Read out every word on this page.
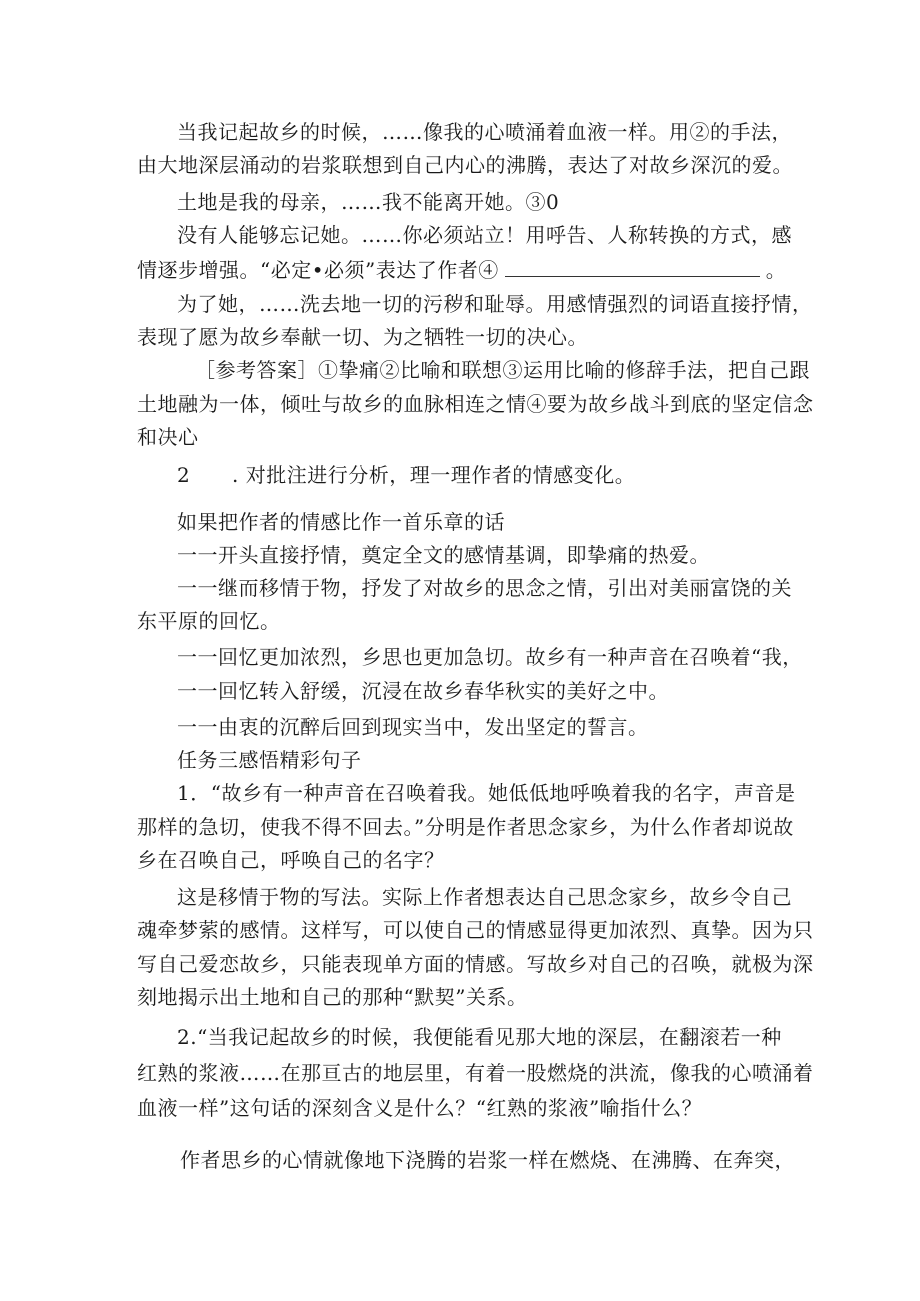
当我记起故乡的时候，……像我的心喷涌着血液一样。用②的手法，
由大地深层涌动的岩浆联想到自己内心的沸腾，表达了对故乡深沉的爱。
土地是我的母亲，……我不能离开她。③0
没有人能够忘记她。……你必须站立！用呼告、人称转换的方式，感
情逐步增强。“必定•必须”表达了作者④	。
为了她，……洗去地一切的污秽和耻辱。用感情强烈的词语直接抒情，
表现了愿为故乡奉献一切、为之牺牲一切的决心。
［参考答案］①挚痛②比喻和联想③运用比喻的修辞手法，把自己跟
土地融为一体，倾吐与故乡的血脉相连之情④要为故乡战斗到底的坚定信念
和决心
2 . 对批注进行分析，理一理作者的情感变化。
如果把作者的情感比作一首乐章的话
一一开头直接抒情，奠定全文的感情基调，即挚痛的热爱。
一一继而移情于物，抒发了对故乡的思念之情，引出对美丽富饶的关
东平原的回忆。
一一回忆更加浓烈，乡思也更加急切。故乡有一种声音在召唤着“我，
一一回忆转入舒缓，沉浸在故乡春华秋实的美好之中。
一一由衷的沉醉后回到现实当中，发出坚定的誓言。
任务三感悟精彩句子
1．“故乡有一种声音在召唤着我。她低低地呼唤着我的名字，声音是
那样的急切，使我不得不回去。”分明是作者思念家乡，为什么作者却说故
乡在召唤自己，呼唤自己的名字？
这是移情于物的写法。实际上作者想表达自己思念家乡，故乡令自己
魂牵梦萦的感情。这样写，可以使自己的情感显得更加浓烈、真挚。因为只
写自己爱恋故乡，只能表现单方面的情感。写故乡对自己的召唤，就极为深
刻地揭示出土地和自己的那种“默契”关系。
2.“当我记起故乡的时候，我便能看见那大地的深层，在翻滚若一种
红熟的浆液……在那亘古的地层里，有着一股燃烧的洪流，像我的心喷涌着
血液一样”这句话的深刻含义是什么？“红熟的浆液”喻指什么？
作者思乡的心情就像地下浇腾的岩浆一样在燃烧、在沸腾、在奔突，
